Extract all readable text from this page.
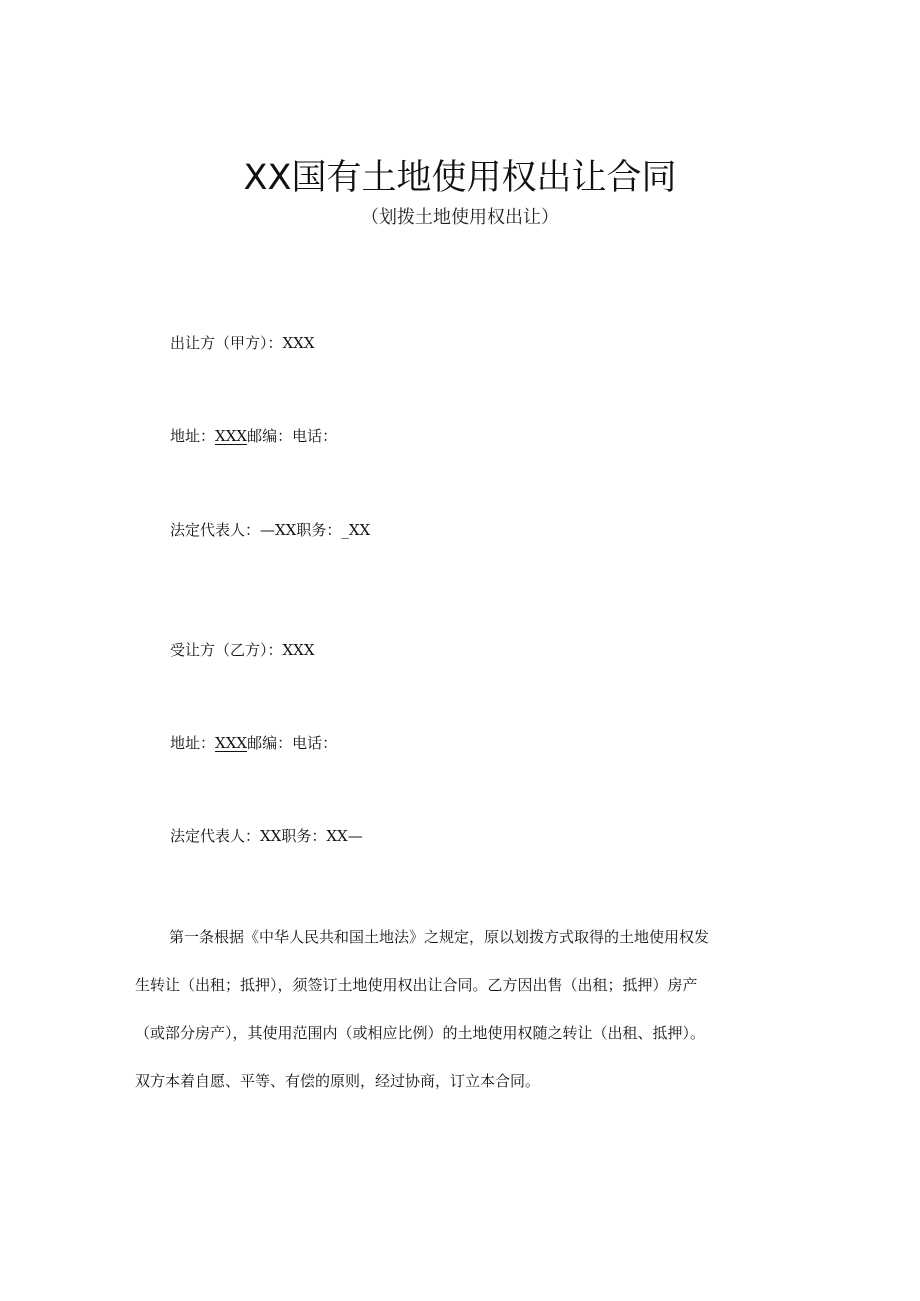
XX国有土地使用权出让合同
（划拨土地使用权出让）
出让方（甲方）：XXX
地址：XXX邮编：电话：
法定代表人：—XX职务：_XX
受让方（乙方）：XXX
地址：XXX邮编：电话：
法定代表人：XX职务：XX—
第一条根据《中华人民共和国土地法》之规定，原以划拨方式取得的土地使用权发
生转让（出租；抵押），须签订土地使用权出让合同。乙方因出售（出租；抵押）房产
（或部分房产），其使用范围内（或相应比例）的土地使用权随之转让（出租、抵押）。
双方本着自愿、平等、有偿的原则，经过协商，订立本合同。
